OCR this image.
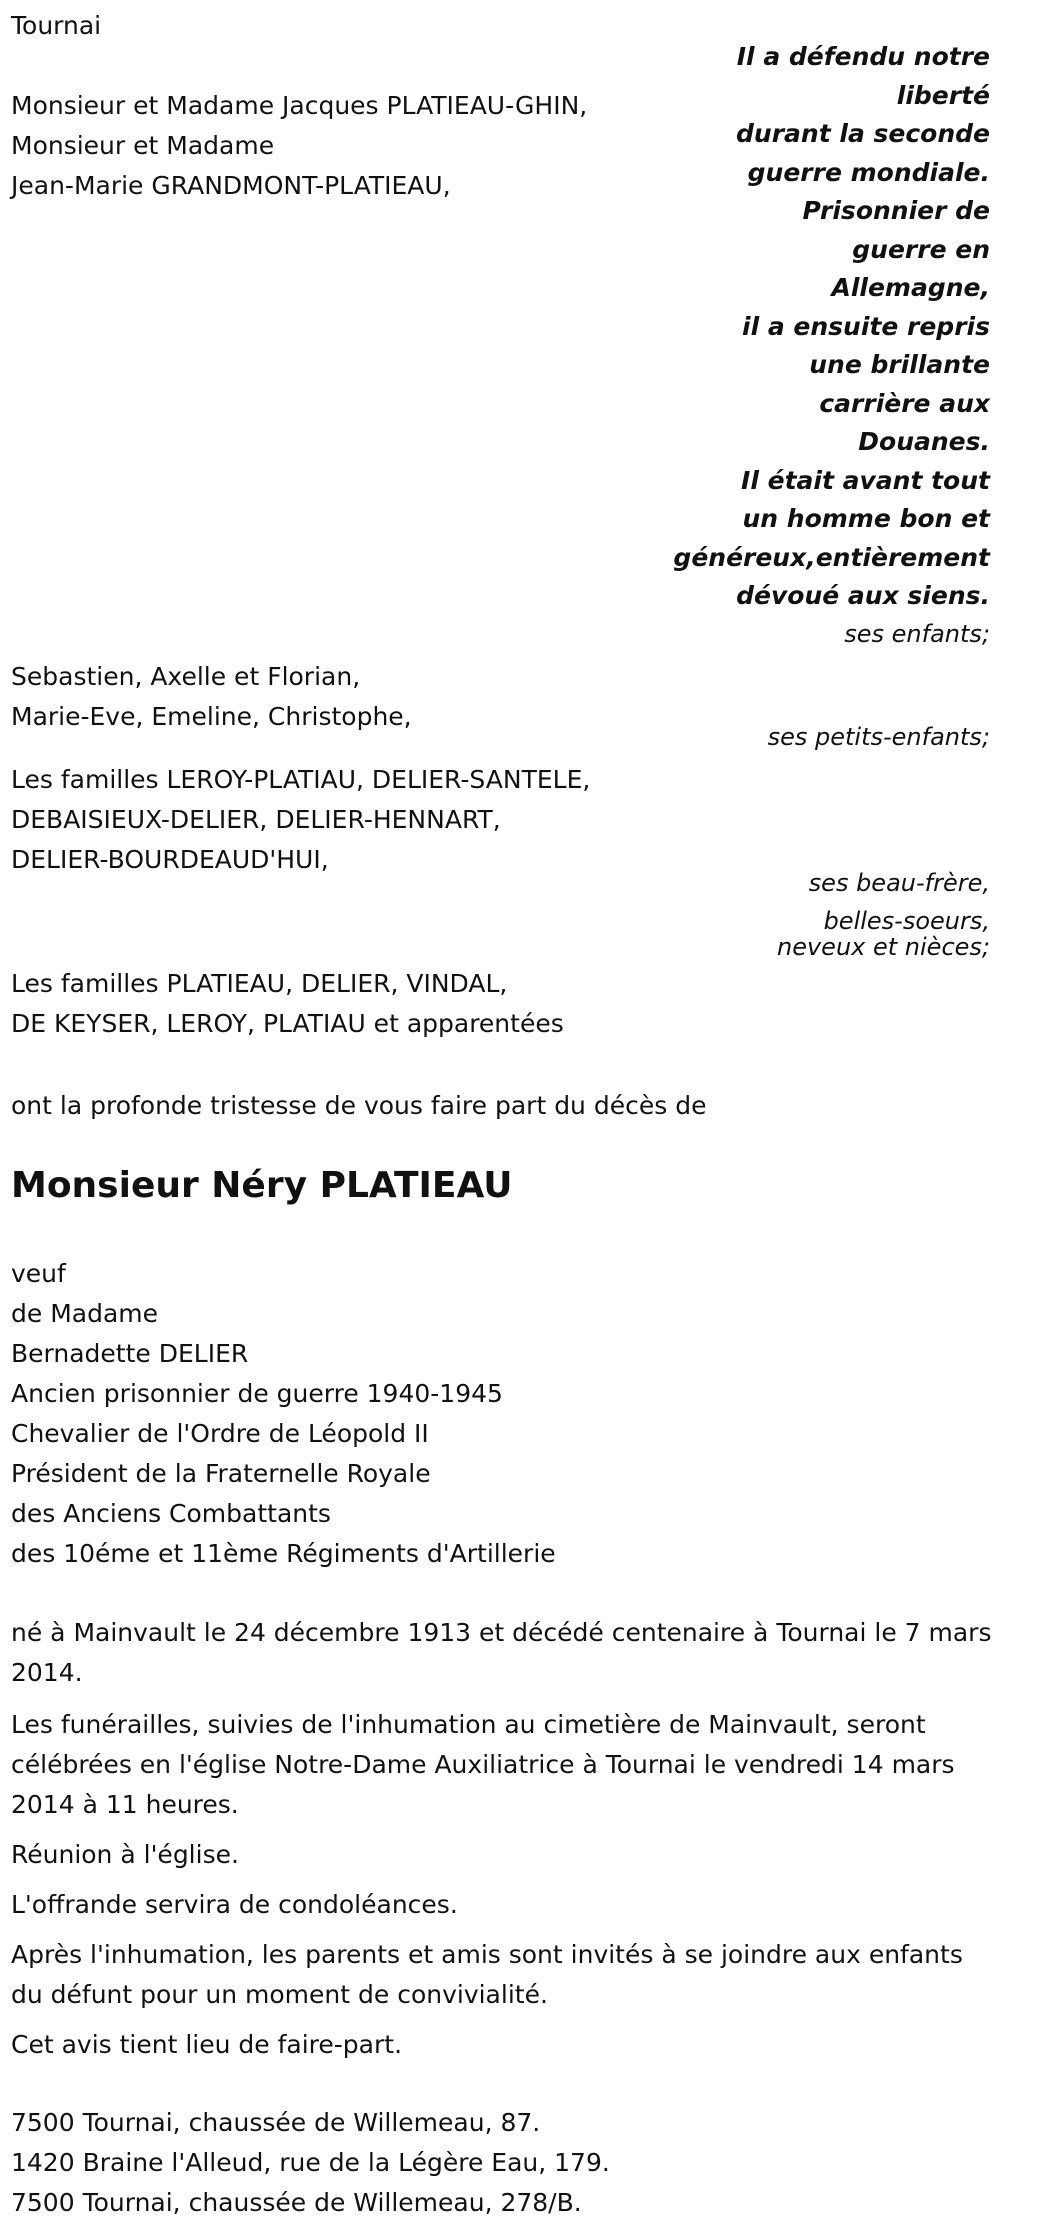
Tournai
Monsieur et Madame Jacques PLATIEAU-GHIN,
Monsieur et Madame
Jean-Marie GRANDMONT-PLATIEAU,
Il a défendu notre
liberté
durant la seconde
guerre mondiale.
Prisonnier de
guerre en
Allemagne,
il a ensuite repris
une brillante
carrière aux
Douanes.
Il était avant tout
un homme bon et
généreux,entièrement
dévoué aux siens.
ses enfants;
Sebastien, Axelle et Florian,
Marie-Eve, Emeline, Christophe,
ses petits-enfants;
Les familles LEROY-PLATIAU, DELIER-SANTELE,
DEBAISIEUX-DELIER, DELIER-HENNART,
DELIER-BOURDEAUD'HUI,
ses beau-frère,
belles-soeurs,
neveux et nièces;
Les familles PLATIEAU, DELIER, VINDAL,
DE KEYSER, LEROY, PLATIAU et apparentées
ont la profonde tristesse de vous faire part du décès de
Monsieur Néry PLATIEAU
veuf
de Madame
Bernadette DELIER
Ancien prisonnier de guerre 1940-1945
Chevalier de l'Ordre de Léopold II
Président de la Fraternelle Royale
des Anciens Combattants
des 10éme et 11ème Régiments d'Artillerie
né à Mainvault le 24 décembre 1913 et décédé centenaire à Tournai le 7 mars 2014.
Les funérailles, suivies de l'inhumation au cimetière de Mainvault, seront célébrées en l'église Notre-Dame Auxiliatrice à Tournai le vendredi 14 mars 2014 à 11 heures.
Réunion à l'église.
L'offrande servira de condoléances.
Après l'inhumation, les parents et amis sont invités à se joindre aux enfants du défunt pour un moment de convivialité.
Cet avis tient lieu de faire-part.
7500 Tournai, chaussée de Willemeau, 87.
1420 Braine l'Alleud, rue de la Légère Eau, 179.
7500 Tournai, chaussée de Willemeau, 278/B.
